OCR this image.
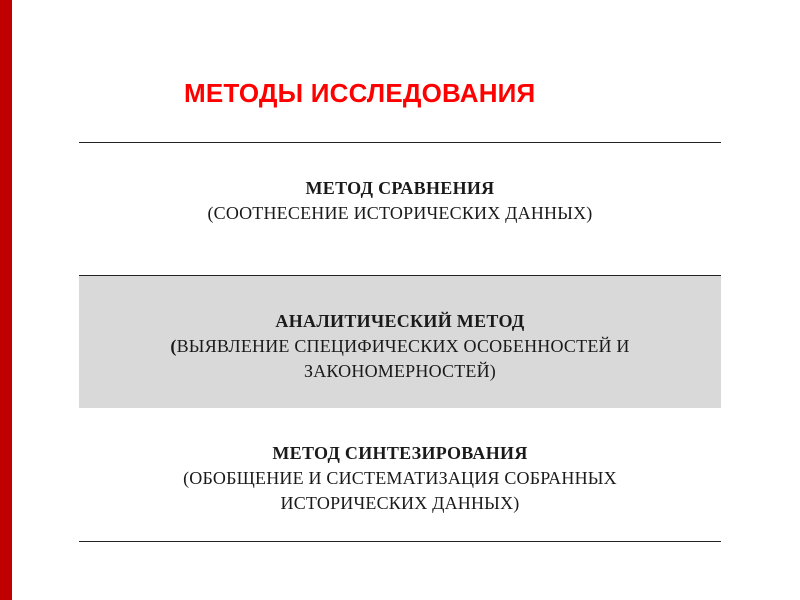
МЕТОДЫ ИССЛЕДОВАНИЯ
МЕТОД СРАВНЕНИЯ
(СООТНЕСЕНИЕ ИСТОРИЧЕСКИХ ДАННЫХ)
АНАЛИТИЧЕСКИЙ МЕТОД
(ВЫЯВЛЕНИЕ СПЕЦИФИЧЕСКИХ ОСОБЕННОСТЕЙ И
ЗАКОНОМЕРНОСТЕЙ)
МЕТОД СИНТЕЗИРОВАНИЯ
(ОБОБЩЕНИЕ И СИСТЕМАТИЗАЦИЯ СОБРАННЫХ
ИСТОРИЧЕСКИХ ДАННЫХ)
